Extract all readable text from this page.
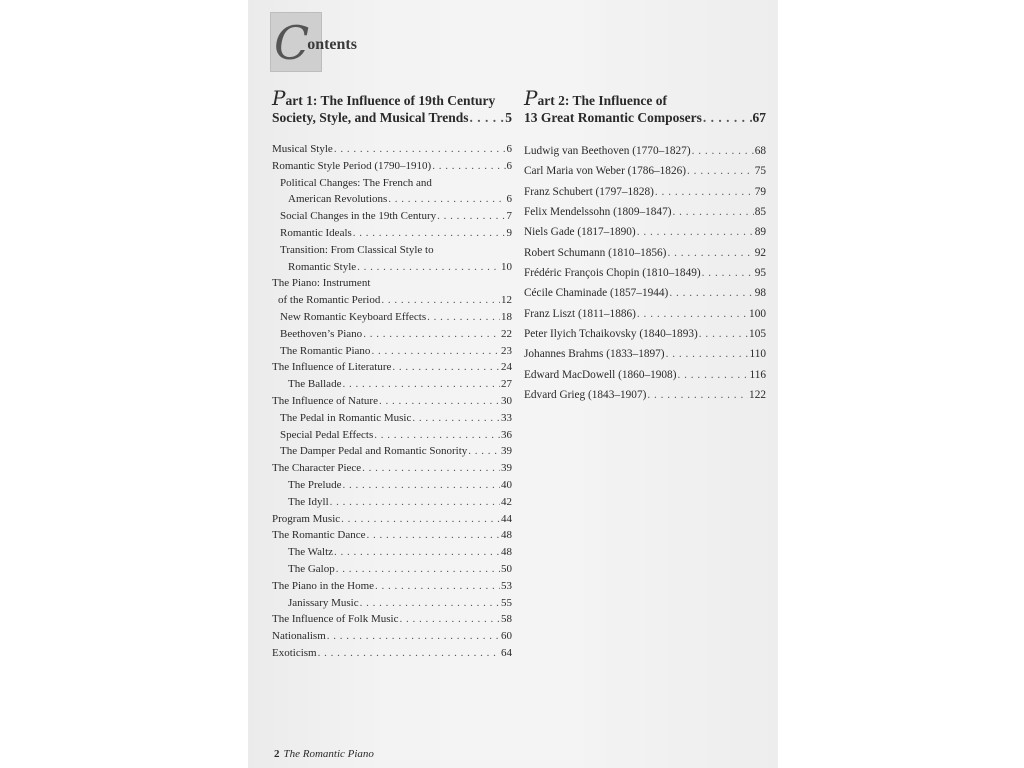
Contents
Part 1: The Influence of 19th Century
Society, Style, and Musical Trends . . .	5
Musical Style . . .	6
Romantic Style Period (1790–1910) . . .	6
Political Changes: The French and
American Revolutions . . .	6
Social Changes in the 19th Century . . .	7
Romantic Ideals . . .	9
Transition: From Classical Style to
Romantic Style . . .	10
The Piano: Instrument
of the Romantic Period . . .	12
New Romantic Keyboard Effects . . .	18
Beethoven’s Piano . . .	22
The Romantic Piano . . .	23
The Influence of Literature . . .	24
The Ballade . . .	27
The Influence of Nature . . .	30
The Pedal in Romantic Music . . .	33
Special Pedal Effects . . .	36
The Damper Pedal and Romantic Sonority . . .	39
The Character Piece . . .	39
The Prelude . . .	40
The Idyll . . .	42
Program Music . . .	44
The Romantic Dance . . .	48
The Waltz . . .	48
The Galop . . .	50
The Piano in the Home . . .	53
Janissary Music . . .	55
The Influence of Folk Music . . .	58
Nationalism . . .	60
Exoticism . . .	64
Part 2: The Influence of
13 Great Romantic Composers . . .	67
Ludwig van Beethoven (1770–1827) . . .	68
Carl Maria von Weber (1786–1826) . . .	75
Franz Schubert (1797–1828) . . .	79
Felix Mendelssohn (1809–1847) . . .	85
Niels Gade (1817–1890) . . .	89
Robert Schumann (1810–1856) . . .	92
Frédéric François Chopin (1810–1849) . . .	95
Cécile Chaminade (1857–1944) . . .	98
Franz Liszt (1811–1886) . . .	100
Peter Ilyich Tchaikovsky (1840–1893) . . .	105
Johannes Brahms (1833–1897) . . .	110
Edward MacDowell (1860–1908) . . .	116
Edvard Grieg (1843–1907) . . .	122
2 The Romantic Piano
